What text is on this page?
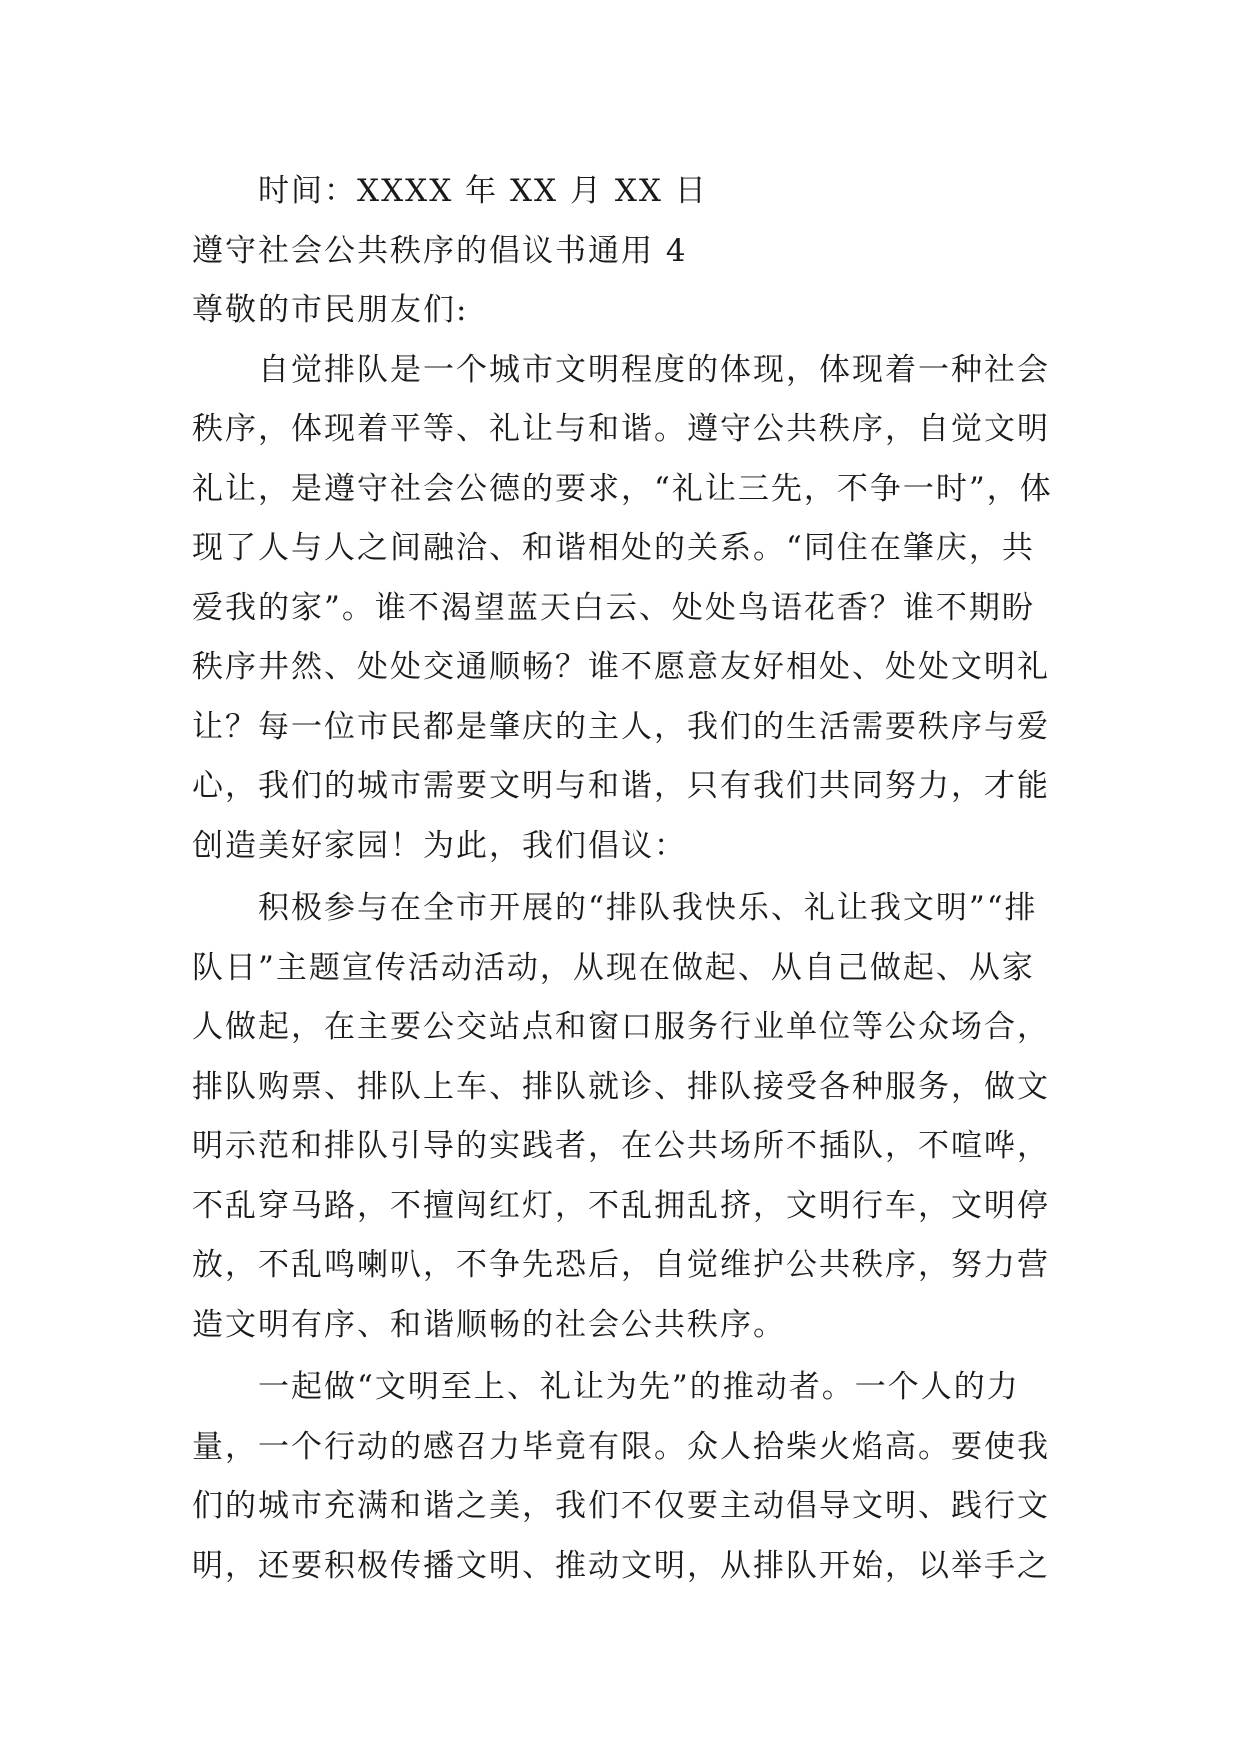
时间：XXXX 年 XX 月 XX 日
遵守社会公共秩序的倡议书通用 4
尊敬的市民朋友们:
自觉排队是一个城市文明程度的体现，体现着一种社会
秩序，体现着平等、礼让与和谐。遵守公共秩序，自觉文明
礼让，是遵守社会公德的要求，“礼让三先，不争一时”，体
现了人与人之间融洽、和谐相处的关系。“同住在肇庆，共
爱我的家”。谁不渴望蓝天白云、处处鸟语花香？谁不期盼
秩序井然、处处交通顺畅？谁不愿意友好相处、处处文明礼
让？每一位市民都是肇庆的主人，我们的生活需要秩序与爱
心，我们的城市需要文明与和谐，只有我们共同努力，才能
创造美好家园！为此，我们倡议：
积极参与在全市开展的“排队我快乐、礼让我文明”“排
队日”主题宣传活动活动，从现在做起、从自己做起、从家
人做起，在主要公交站点和窗口服务行业单位等公众场合，
排队购票、排队上车、排队就诊、排队接受各种服务，做文
明示范和排队引导的实践者，在公共场所不插队，不喧哗，
不乱穿马路，不擅闯红灯，不乱拥乱挤，文明行车，文明停
放，不乱鸣喇叭，不争先恐后，自觉维护公共秩序，努力营
造文明有序、和谐顺畅的社会公共秩序。
一起做“文明至上、礼让为先”的推动者。一个人的力
量，一个行动的感召力毕竟有限。众人拾柴火焰高。要使我
们的城市充满和谐之美，我们不仅要主动倡导文明、践行文
明，还要积极传播文明、推动文明，从排队开始，以举手之
